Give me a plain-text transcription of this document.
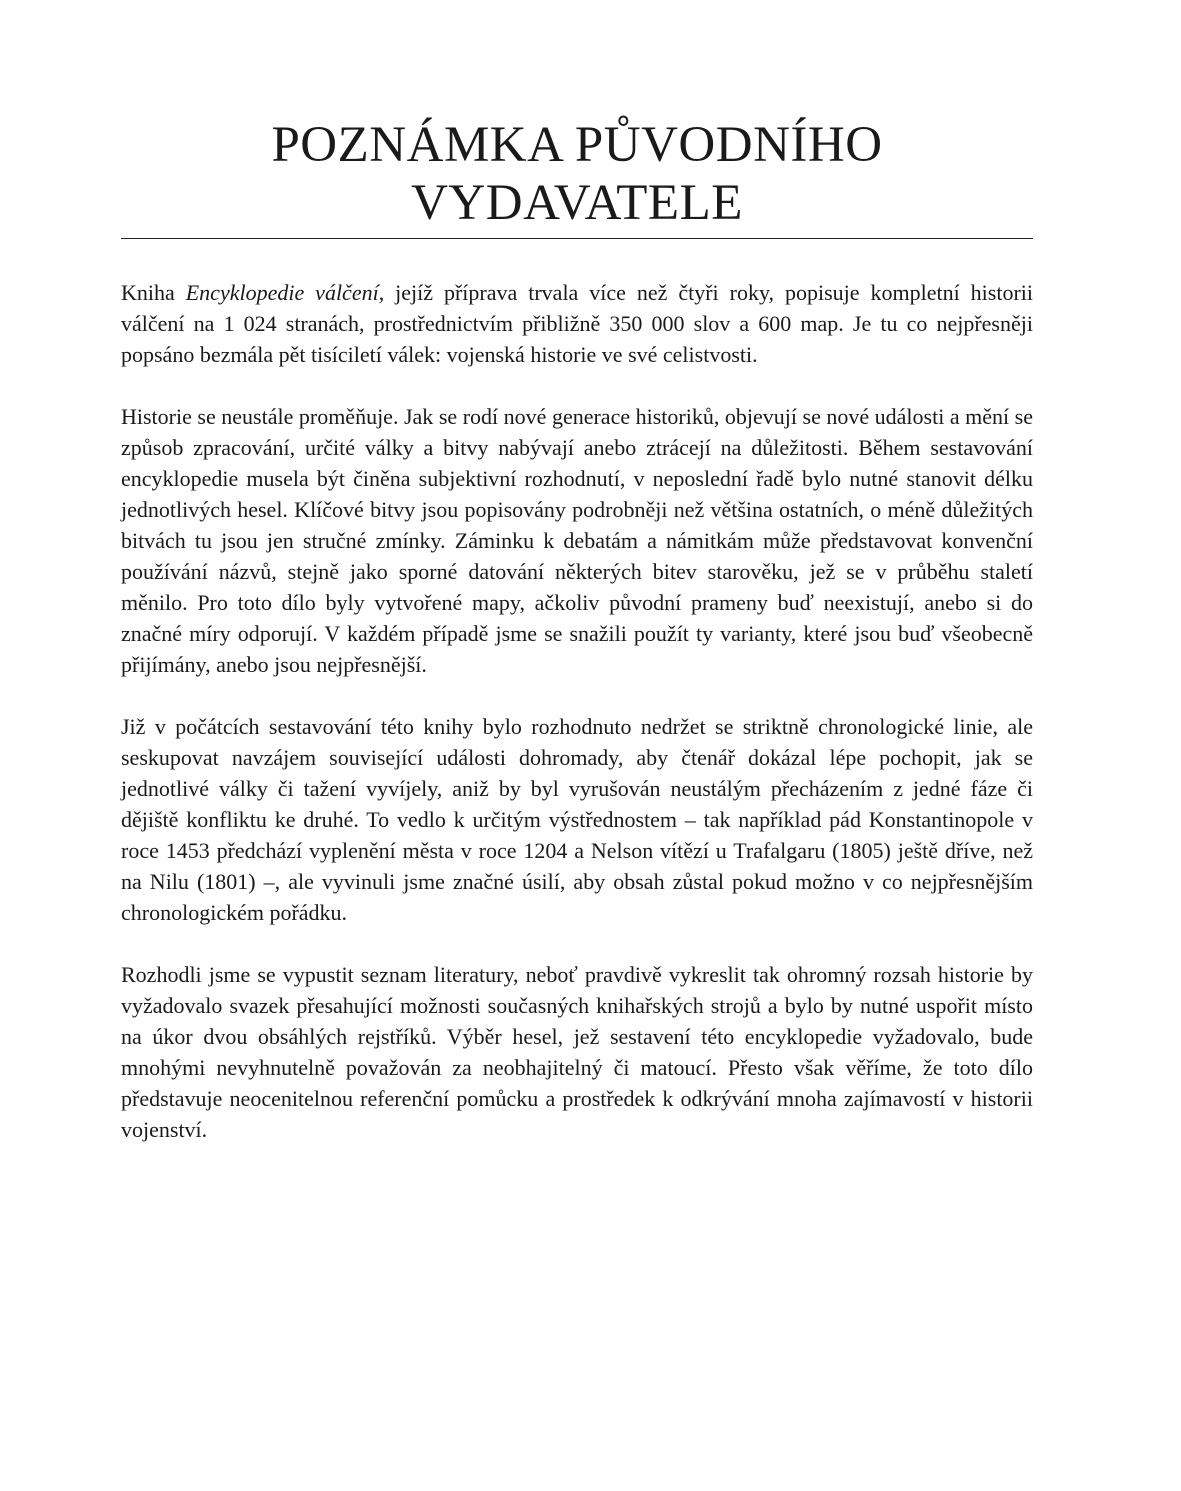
POZNÁMKA PŮVODNÍHO
VYDAVATELE

Kniha Encyklopedie válčení, jejíž příprava trvala více než čtyři roky, popisuje kompletní historii válčení na 1 024 stranách, prostřednictvím přibližně 350 000 slov a 600 map. Je tu co nejpřesněji popsáno bezmála pět tisíciletí válek: vojenská historie ve své celistvosti.

Historie se neustále proměňuje. Jak se rodí nové generace historiků, objevují se nové události a mění se způsob zpracování, určité války a bitvy nabývají anebo ztrácejí na důležitosti. Během sestavování encyklopedie musela být činěna subjektivní rozhodnutí, v neposlední řadě bylo nutné stanovit délku jednotlivých hesel. Klíčové bitvy jsou popisovány podrobněji než většina ostatních, o méně důležitých bitvách tu jsou jen stručné zmínky. Záminku k debatám a námitkám může představovat konvenční používání názvů, stejně jako sporné datování některých bitev starověku, jež se v průběhu staletí měnilo. Pro toto dílo byly vytvořené mapy, ačkoliv původní prameny buď neexistují, anebo si do značné míry odporují. V každém případě jsme se snažili použít ty varianty, které jsou buď všeobecně přijímány, anebo jsou nejpřesnější.

Již v počátcích sestavování této knihy bylo rozhodnuto nedržet se striktně chronologické linie, ale seskupovat navzájem související události dohromady, aby čtenář dokázal lépe pochopit, jak se jednotlivé války či tažení vyvíjely, aniž by byl vyrušován neustálým přecházením z jedné fáze či dějiště konfliktu ke druhé. To vedlo k určitým výstřednostem – tak například pád Konstantinopole v roce 1453 předchází vyplenění města v roce 1204 a Nelson vítězí u Trafalgaru (1805) ještě dříve, než na Nilu (1801) –, ale vyvinuli jsme značné úsilí, aby obsah zůstal pokud možno v co nejpřesnějším chronologickém pořádku.

Rozhodli jsme se vypustit seznam literatury, neboť pravdivě vykreslit tak ohromný rozsah historie by vyžadovalo svazek přesahující možnosti současných knihařských strojů a bylo by nutné uspořit místo na úkor dvou obsáhlých rejstříků. Výběr hesel, jež sestavení této encyklopedie vyžadovalo, bude mnohými nevyhnutelně považován za neobhajitelný či matoucí. Přesto však věříme, že toto dílo představuje neocenitelnou referenční pomůcku a prostředek k odkrývání mnoha zajímavostí v historii vojenství.
